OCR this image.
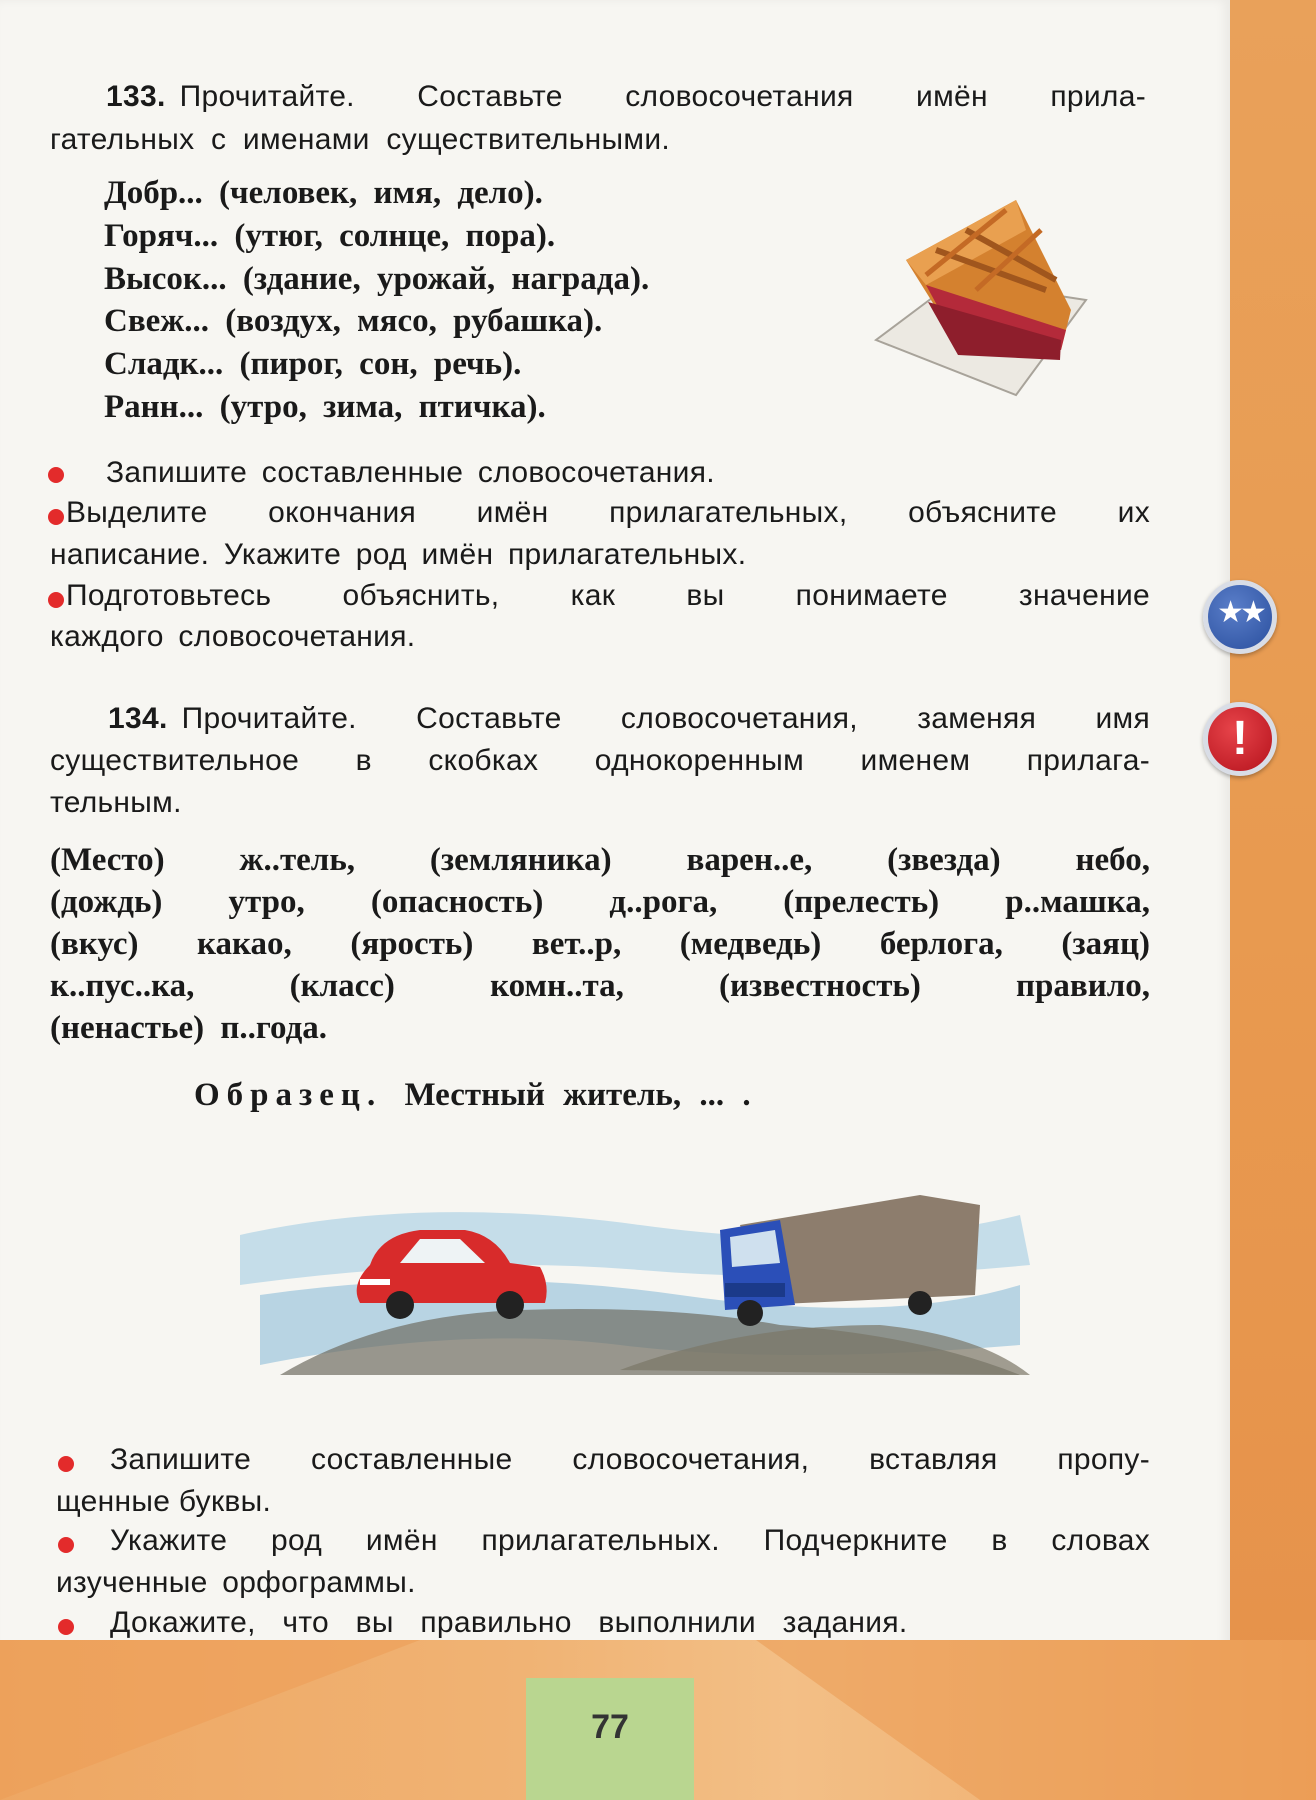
133. Прочитайте. Составьте словосочетания имён прила-
гательных с именами существительными.
Добр... (человек, имя, дело).
Горяч... (утюг, солнце, пора).
Высок... (здание, урожай, награда).
Свеж... (воздух, мясо, рубашка).
Сладк... (пирог, сон, речь).
Ранн... (утро, зима, птичка).
Запишите составленные словосочетания.
Выделите окончания имён прилагательных, объясните их
написание. Укажите род имён прилагательных.
Подготовьтесь объяснить, как вы понимаете значение
каждого словосочетания.
★★
!
134. Прочитайте. Составьте словосочетания, заменяя имя
существительное в скобках однокоренным именем прилага-
тельным.
(Место) ж..тель, (земляника) варен..е, (звезда) небо,
(дождь) утро, (опасность) д..рога, (прелесть) р..машка,
(вкус) какао, (ярость) вет..р, (медведь) берлога, (заяц)
к..пус..ка, (класс) комн..та, (известность) правило,
(ненастье) п..года.
Образец. Местный житель, ... .
Запишите составленные словосочетания, вставляя пропу-
щенные буквы.
Укажите род имён прилагательных. Подчеркните в словах
изученные орфограммы.
Докажите, что вы правильно выполнили задания.
77
